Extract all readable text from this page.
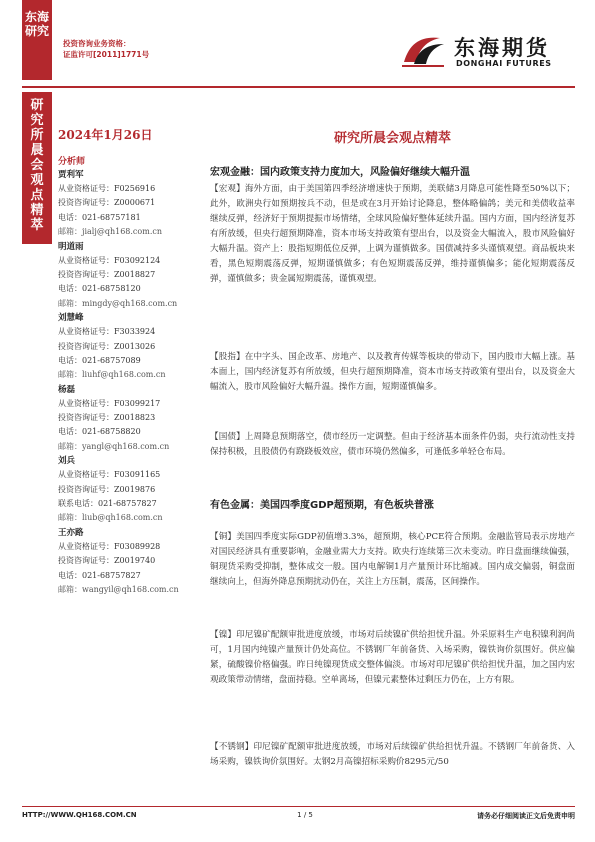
东海
研究
投资咨询业务资格：
证监许可[2011]1771号	东海期货
DONGHAI FUTURES
研
究
所
晨
会
观
点
精
萃
2024年1月26日
分析师
贾利军
从业资格证号：F0256916
投资咨询证号：Z0000671
电话：021-68757181
邮箱：jialj@qh168.com.cn
明道雨
从业资格证号：F03092124
投资咨询证号：Z0018827
电话：021-68758120
邮箱：mingdy@qh168.com.cn
刘慧峰
从业资格证号：F3033924
投资咨询证号：Z0013026
电话：021-68757089
邮箱：liuhf@qh168.com.cn
杨磊
从业资格证号：F03099217
投资咨询证号：Z0018823
电话：021-68758820
邮箱：yangl@qh168.com.cn
刘兵
从业资格证号：F03091165
投资咨询证号：Z0019876
联系电话：021-68757827
邮箱：liub@qh168.com.cn
王亦路
从业资格证号：F03089928
投资咨询证号：Z0019740
电话：021-68757827
邮箱：wangyil@qh168.com.cn
研究所晨会观点精萃
宏观金融：国内政策支持力度加大，风险偏好继续大幅升温
【宏观】海外方面，由于美国第四季经济增速快于预期，美联储3月降息可能性降至50%以下；此外，欧洲央行如预期按兵不动，但是或在3月开始讨论降息，整体略偏鸽；美元和美债收益率继续反弹，经济好于预期提振市场情绪，全球风险偏好整体延续升温。国内方面，国内经济复苏有所放缓，但央行超预期降准，资本市场支持政策有望出台，以及资金大幅流入，股市风险偏好大幅升温。资产上：股指短期低位反弹，上调为谨慎做多。国债减持多头谨慎观望。商品板块来看，黑色短期震荡反弹，短期谨慎做多；有色短期震荡反弹，维持谨慎偏多；能化短期震荡反弹，谨慎做多；贵金属短期震荡，谨慎观望。
【股指】在中字头、国企改革、房地产、以及教育传媒等板块的带动下，国内股市大幅上涨。基本面上，国内经济复苏有所放缓，但央行超预期降准，资本市场支持政策有望出台，以及资金大幅流入，股市风险偏好大幅升温。操作方面，短期谨慎偏多。
【国债】上周降息预期落空，债市经历一定调整。但由于经济基本面条件仍弱，央行流动性支持保持积极，且股债仍有跷跷板效应，债市环境仍然偏多，可逢低多单轻仓布局。
有色金属：美国四季度GDP超预期，有色板块普涨
【铜】美国四季度实际GDP初值增3.3%，超预期，核心PCE符合预期。金融监管局表示房地产对国民经济具有重要影响，金融业需大力支持。欧央行连续第三次未变动。昨日盘面继续偏强，铜现货采购受抑制，整体成交一般。国内电解铜1月产量预计环比缩减。国内成交偏弱，铜盘面继续向上，但海外降息预期扰动仍在，关注上方压制，震荡，区间操作。
【镍】印尼镍矿配额审批进度放缓，市场对后续镍矿供给担忧升温。外采原料生产电积镍利润尚可，1月国内纯镍产量预计仍处高位。不锈钢厂年前备货、入场采购，镍铁询价氛围好。供应偏紧，硫酸镍价格偏强。昨日纯镍现货成交整体偏淡。市场对印尼镍矿供给担忧升温，加之国内宏观政策带动情绪，盘面持稳。空单离场，但镍元素整体过剩压力仍在，上方有限。
【不锈钢】印尼镍矿配额审批进度放缓，市场对后续镍矿供给担忧升温。不锈钢厂年前备货、入场采购，镍铁询价氛围好。太钢2月高镍招标采购价8295元/50
HTTP://WWW.QH168.COM.CN	1 / 5	请务必仔细阅读正文后免责申明
